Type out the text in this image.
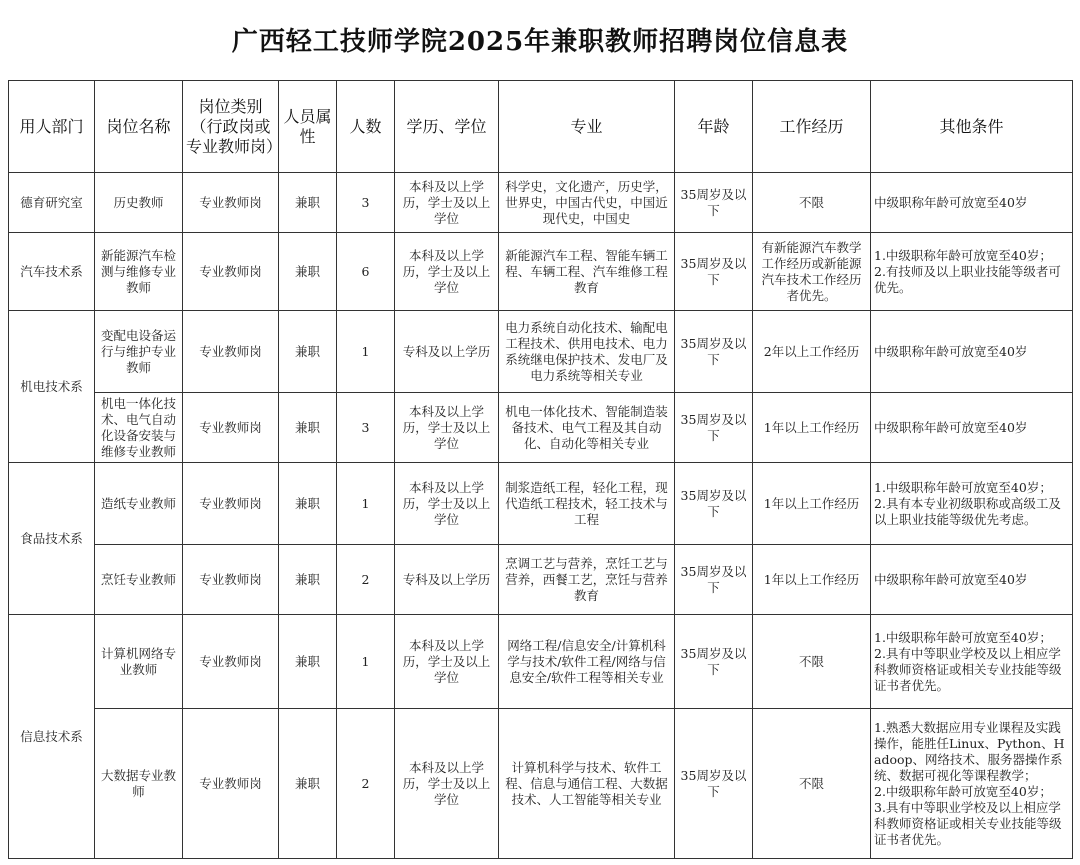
广西轻工技师学院2025年兼职教师招聘岗位信息表
用人部门	岗位名称	岗位类别（行政岗或专业教师岗）	人员属性	人数	学历、学位	专业	年龄	工作经历	其他条件
德育研究室	历史教师	专业教师岗	兼职	3	本科及以上学历，学士及以上学位	科学史，文化遗产，历史学，世界史，中国古代史，中国近现代史，中国史	35周岁及以下	不限	中级职称年龄可放宽至40岁

汽车技术系	新能源汽车检测与维修专业教师	专业教师岗	兼职	6	本科及以上学历，学士及以上学位	新能源汽车工程、智能车辆工程、车辆工程、汽车维修工程教育	35周岁及以下	有新能源汽车教学工作经历或新能源汽车技术工作经历者优先。	1.中级职称年龄可放宽至40岁；
2.有技师及以上职业技能等级者可优先。

机电技术系	变配电设备运行与维护专业教师	专业教师岗	兼职	1	专科及以上学历	电力系统自动化技术、输配电工程技术、供用电技术、电力系统继电保护技术、发电厂及电力系统等相关专业	35周岁及以下	2年以上工作经历	中级职称年龄可放宽至40岁

	机电一体化技术、电气自动化设备安装与维修专业教师	专业教师岗	兼职	3	本科及以上学历，学士及以上学位	机电一体化技术、智能制造装备技术、电气工程及其自动化、自动化等相关专业	35周岁及以下	1年以上工作经历	中级职称年龄可放宽至40岁

食品技术系	造纸专业教师	专业教师岗	兼职	1	本科及以上学历，学士及以上学位	制浆造纸工程，轻化工程，现代造纸工程技术，轻工技术与工程	35周岁及以下	1年以上工作经历	1.中级职称年龄可放宽至40岁；
2.具有本专业初级职称或高级工及以上职业技能等级优先考虑。

	烹饪专业教师	专业教师岗	兼职	2	专科及以上学历	烹调工艺与营养，烹饪工艺与营养，西餐工艺，烹饪与营养教育	35周岁及以下	1年以上工作经历	中级职称年龄可放宽至40岁

信息技术系	计算机网络专业教师	专业教师岗	兼职	1	本科及以上学历，学士及以上学位	网络工程/信息安全/计算机科学与技术/软件工程/网络与信息安全/软件工程等相关专业	35周岁及以下	不限	1.中级职称年龄可放宽至40岁；
2.具有中等职业学校及以上相应学科教师资格证或相关专业技能等级证书者优先。

	大数据专业教师	专业教师岗	兼职	2	本科及以上学历，学士及以上学位	计算机科学与技术、软件工程、信息与通信工程、大数据技术、人工智能等相关专业	35周岁及以下	不限	1.熟悉大数据应用专业课程及实践操作，能胜任Linux、Python、Hadoop、网络技术、服务器操作系统、数据可视化等课程教学；
2.中级职称年龄可放宽至40岁；
3.具有中等职业学校及以上相应学科教师资格证或相关专业技能等级证书者优先。
